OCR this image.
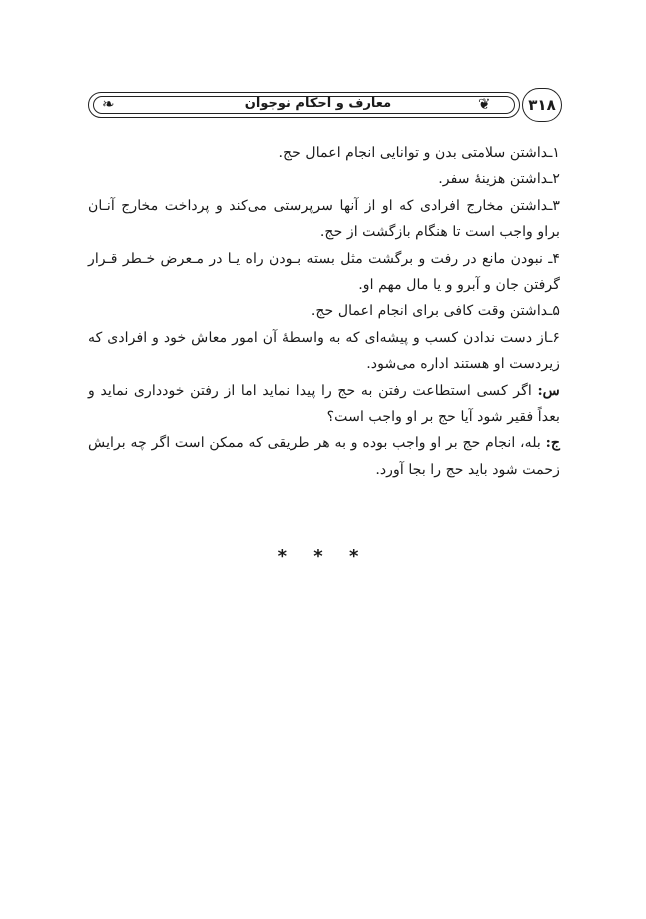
❧	معارف و احکام نوجوان	❦	۳۱۸

۱ـداشتن سلامتی بدن و توانایی انجام اعمال حج.

۲ـداشتن هزینهٔ سفر.

۳ـداشتن مخارج افرادی که او از آنها سرپرستی می‌کند و پرداخت مخارج آنـان براو واجب است تا هنگام بازگشت از حج.

۴ـ نبودن مانع در رفت و برگشت مثل بسته بـودن راه یـا در مـعرض خـطر قـرار گرفتن جان و آبرو و یا مال مهم او.

۵ـداشتن وقت کافی برای انجام اعمال حج.

۶ـاز دست ندادن کسب و پیشه‌ای که به واسطهٔ آن امور معاش خود و افرادی که زیردست او هستند اداره می‌شود.

س: اگر کسی استطاعت رفتن به حج را پیدا نماید اما از رفتن خودداری نماید و بعداً فقیر شود آیا حج بر او واجب است؟

ج: بله، انجام حج بر او واجب بوده و به هر طریقی که ممکن است اگر چه برایش زحمت شود باید حج را بجا آورد.

* * *
